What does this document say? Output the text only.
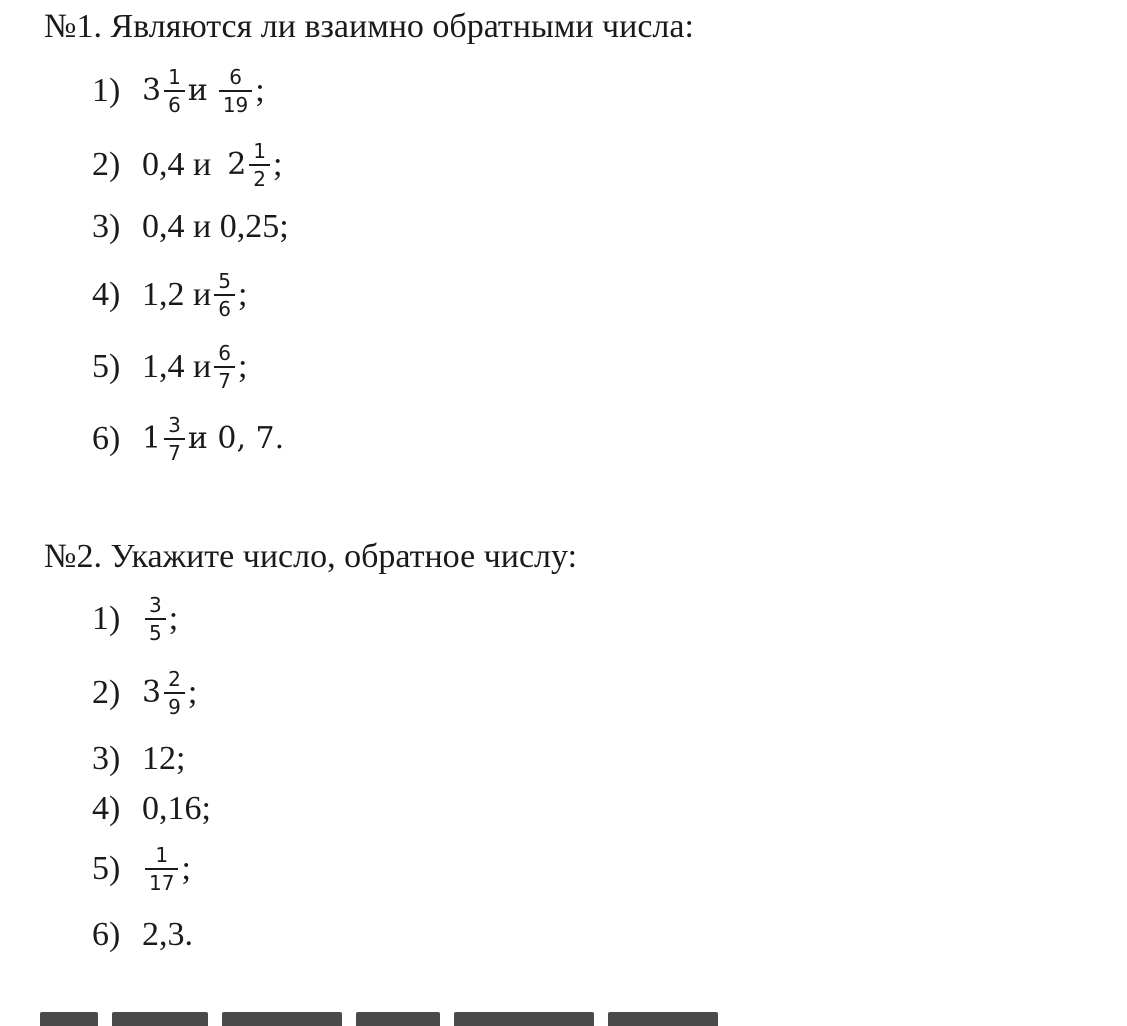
№1. Являются ли взаимно обратными числа:
1) $3 \frac{1}{6}$ и $\frac{6}{19}$ ;
2) 0,4 и $2 \frac{1}{2}$ ;
3) 0,4 и 0,25;
4) 1,2 и $\frac{5}{6}$ ;
5) 1,4 и $\frac{6}{7}$ ;
6) $1 \frac{3}{7}$ и 0, 7.
№2. Укажите число, обратное числу:
1)	$\frac{3}{5}$ ;
2) $3 \frac{2}{9}$ ;
3) 12;
4) 0,16;
5)	$\frac{1}{17}$ ;
6) 2,3.
